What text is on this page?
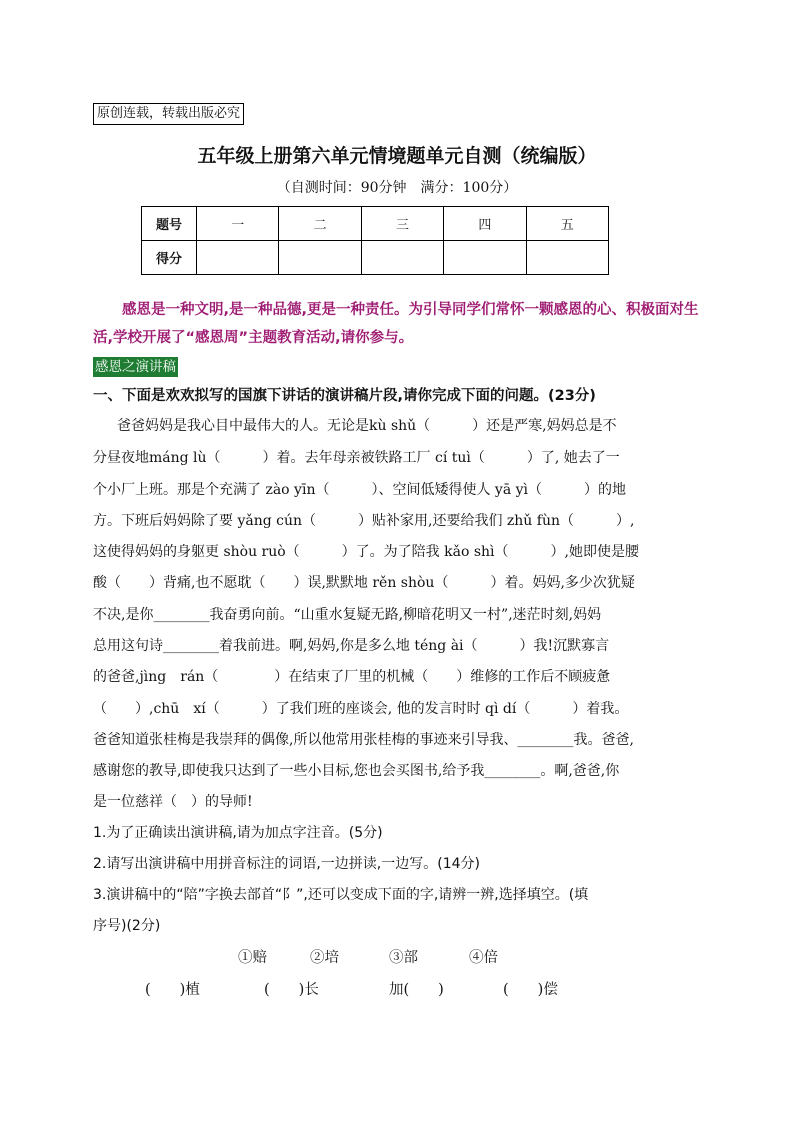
原创连载，转载出版必究
五年级上册第六单元情境题单元自测（统编版）
（自测时间：90分钟　满分：100分）
题号	一	二	三	四	五
得分					
感恩是一种文明,是一种品德,更是一种责任。为引导同学们常怀一颗感恩的心、积极面对生活,学校开展了“感恩周”主题教育活动,请你参与。
感恩之演讲稿
一、下面是欢欢拟写的国旗下讲话的演讲稿片段,请你完成下面的问题。(23分)
爸爸妈妈是我心目中最伟大的人。无论是kù shǔ（　　　）还是严寒,妈妈总是不
分昼夜地máng lù（　　　）着。去年母亲被铁路工厂 cí tuì（　　　）了, 她去了一
个小厂上班。那是个充满了 zào yīn（　　　）、空间低矮得使人 yā yì（　　　）的地
方。下班后妈妈除了要 yǎng cún（　　　）贴补家用,还要给我们 zhǔ fùn（　　　）,
这使得妈妈的身躯更 shòu ruò（　　　）了。为了陪我 kǎo shì（　　　）,她即使是腰
酸（　　）背痛,也不愿耽（　　）误,默默地 rěn shòu（　　　）着。妈妈,多少次犹疑
不决,是你________我奋勇向前。“山重水复疑无路,柳暗花明又一村”,迷茫时刻,妈妈
总用这句诗________着我前进。啊,妈妈,你是多么地 téng ài（　　　）我!沉默寡言
的爸爸,jìng　rán（　　　　）在结束了厂里的机械（　　）维修的工作后不顾疲惫
（　　）,chū　xí（　　　）了我们班的座谈会, 他的发言时时 qì dí（　　　）着我。
爸爸知道张桂梅是我崇拜的偶像,所以他常用张桂梅的事迹来引导我、________我。爸爸,
感谢您的教导,即使我只达到了一些小目标,您也会买图书,给予我________。啊,爸爸,你
是一位慈祥（　）的导师!
1.为了正确读出演讲稿,请为加点字注音。(5分)
2.请写出演讲稿中用拼音标注的词语,一边拼读,一边写。(14分)
3.演讲稿中的“陪”字换去部首“阝”,还可以变成下面的字,请辨一辨,选择填空。(填
序号)(2分)
①赔	②培	③部	④倍
(　　)植	(　　)长	加(　　)	(　　)偿
